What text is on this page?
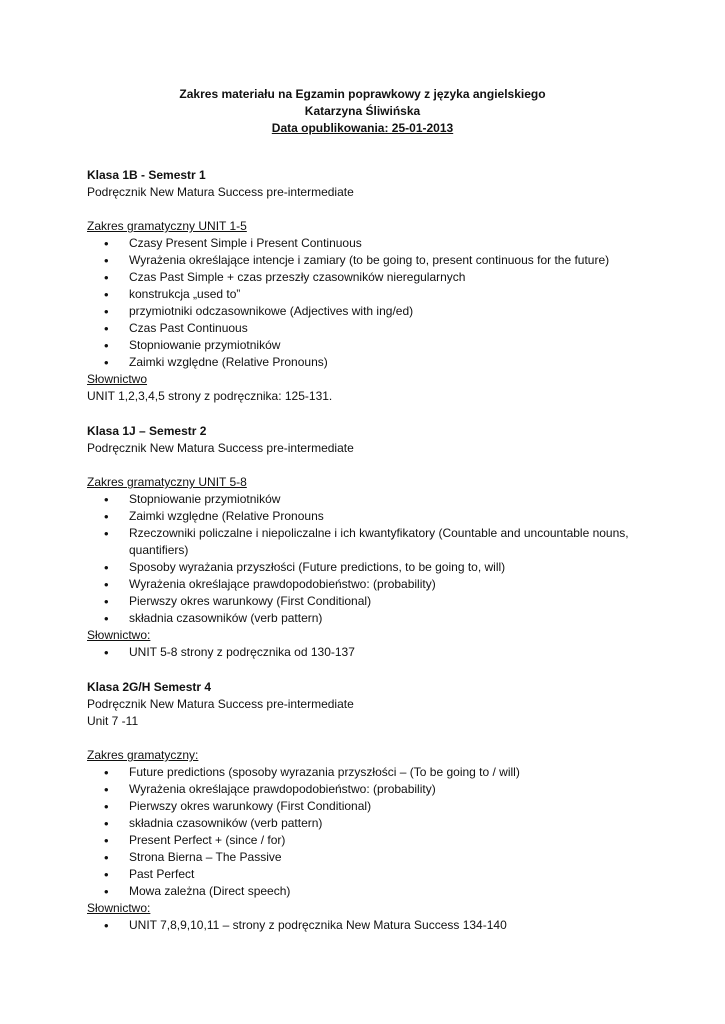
Zakres materiału na Egzamin poprawkowy z języka angielskiego
Katarzyna Śliwińska
Data opublikowania: 25-01-2013

Klasa 1B - Semestr 1

Podręcznik New Matura Success pre-intermediate

Zakres gramatyczny UNIT 1-5

• Czasy Present Simple i Present Continuous
• Wyrażenia określające intencje i zamiary (to be going to, present continuous for the future)
• Czas Past Simple + czas przeszły czasowników nieregularnych
• konstrukcja „used to”
• przymiotniki odczasownikowe (Adjectives with ing/ed)
• Czas Past Continuous
• Stopniowanie przymiotników
• Zaimki względne (Relative Pronouns)

Słownictwo

UNIT 1,2,3,4,5 strony z podręcznika: 125-131.

Klasa 1J – Semestr 2

Podręcznik New Matura Success pre-intermediate

Zakres gramatyczny UNIT 5-8

• Stopniowanie przymiotników
• Zaimki względne (Relative Pronouns
• Rzeczowniki policzalne i niepoliczalne i ich kwantyfikatory (Countable and uncountable nouns, quantifiers)
• Sposoby wyrażania przyszłości (Future predictions, to be going to, will)
• Wyrażenia określające prawdopodobieństwo: (probability)
• Pierwszy okres warunkowy (First Conditional)
• składnia czasowników (verb pattern)

Słownictwo:

• UNIT 5-8 strony z podręcznika od 130-137

Klasa 2G/H Semestr 4

Podręcznik New Matura Success pre-intermediate

Unit 7 -11

Zakres gramatyczny:

• Future predictions (sposoby wyrazania przyszłości – (To be going to / will)
• Wyrażenia określające prawdopodobieństwo: (probability)
• Pierwszy okres warunkowy (First Conditional)
• składnia czasowników (verb pattern)
• Present Perfect + (since / for)
• Strona Bierna – The Passive
• Past Perfect
• Mowa zależna (Direct speech)

Słownictwo:

• UNIT 7,8,9,10,11 – strony z podręcznika New Matura Success 134-140
